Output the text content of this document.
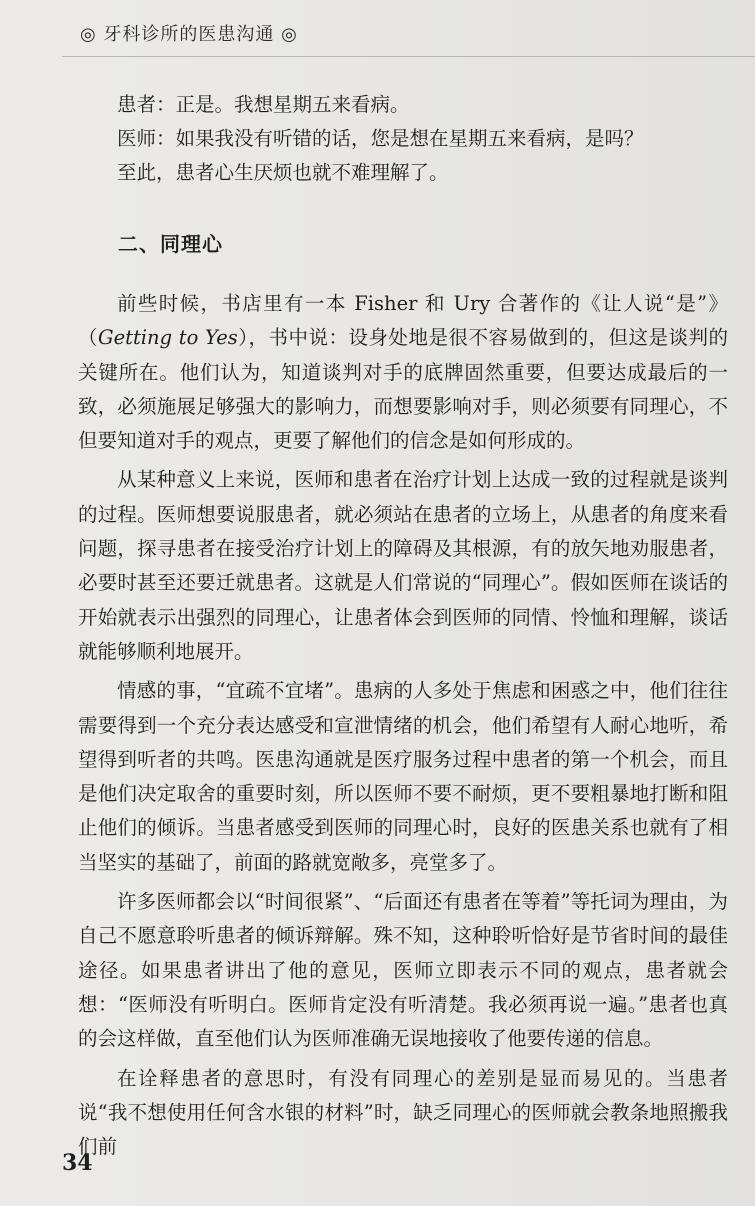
◎ 牙科诊所的医患沟通 ◎

患者：正是。我想星期五来看病。

医师：如果我没有听错的话，您是想在星期五来看病，是吗？

至此，患者心生厌烦也就不难理解了。

二、同理心

前些时候，书店里有一本 Fisher 和 Ury 合著作的《让人说“是”》（Getting to Yes），书中说：设身处地是很不容易做到的，但这是谈判的关键所在。他们认为，知道谈判对手的底牌固然重要，但要达成最后的一致，必须施展足够强大的影响力，而想要影响对手，则必须要有同理心，不但要知道对手的观点，更要了解他们的信念是如何形成的。

从某种意义上来说，医师和患者在治疗计划上达成一致的过程就是谈判的过程。医师想要说服患者，就必须站在患者的立场上，从患者的角度来看问题，探寻患者在接受治疗计划上的障碍及其根源，有的放矢地劝服患者，必要时甚至还要迁就患者。这就是人们常说的“同理心”。假如医师在谈话的开始就表示出强烈的同理心，让患者体会到医师的同情、怜恤和理解，谈话就能够顺利地展开。

情感的事，“宜疏不宜堵”。患病的人多处于焦虑和困惑之中，他们往往需要得到一个充分表达感受和宣泄情绪的机会，他们希望有人耐心地听，希望得到听者的共鸣。医患沟通就是医疗服务过程中患者的第一个机会，而且是他们决定取舍的重要时刻，所以医师不要不耐烦，更不要粗暴地打断和阻止他们的倾诉。当患者感受到医师的同理心时，良好的医患关系也就有了相当坚实的基础了，前面的路就宽敞多，亮堂多了。

许多医师都会以“时间很紧”、“后面还有患者在等着”等托词为理由，为自己不愿意聆听患者的倾诉辩解。殊不知，这种聆听恰好是节省时间的最佳途径。如果患者讲出了他的意见，医师立即表示不同的观点，患者就会想：“医师没有听明白。医师肯定没有听清楚。我必须再说一遍。”患者也真的会这样做，直至他们认为医师准确无误地接收了他要传递的信息。

在诠释患者的意思时，有没有同理心的差别是显而易见的。当患者说“我不想使用任何含水银的材料”时，缺乏同理心的医师就会教条地照搬我们前

34
